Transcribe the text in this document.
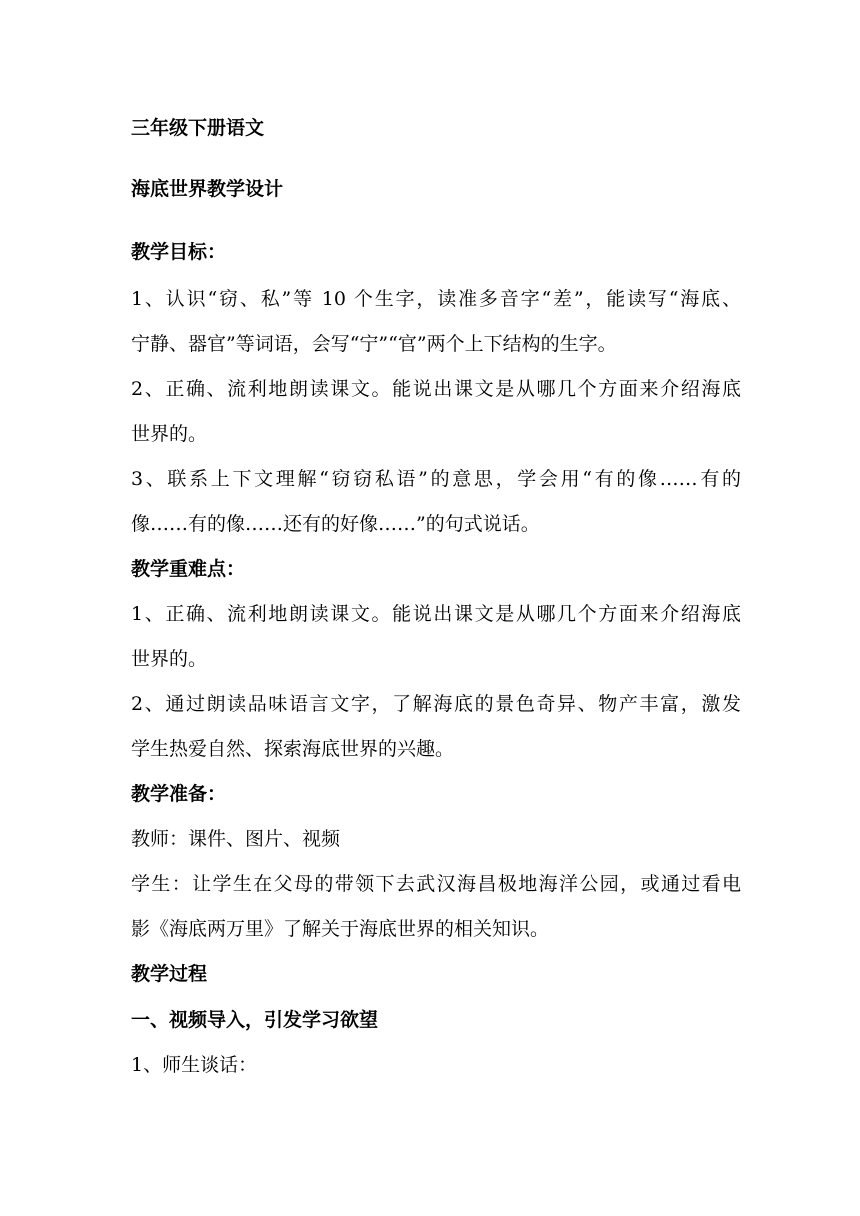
三年级下册语文
海底世界教学设计
教学目标：
1、认识“窃、私”等 10 个生字，读准多音字“差”，能读写“海底、
宁静、器官”等词语，会写“宁”“官”两个上下结构的生字。
2、正确、流利地朗读课文。能说出课文是从哪几个方面来介绍海底
世界的。
3、联系上下文理解“窃窃私语”的意思，学会用“有的像……有的
像……有的像……还有的好像……”的句式说话。
教学重难点：
1、正确、流利地朗读课文。能说出课文是从哪几个方面来介绍海底
世界的。
2、通过朗读品味语言文字，了解海底的景色奇异、物产丰富，激发
学生热爱自然、探索海底世界的兴趣。
教学准备：
教师：课件、图片、视频
学生：让学生在父母的带领下去武汉海昌极地海洋公园，或通过看电
影《海底两万里》了解关于海底世界的相关知识。
教学过程
一、视频导入，引发学习欲望
1、师生谈话：
